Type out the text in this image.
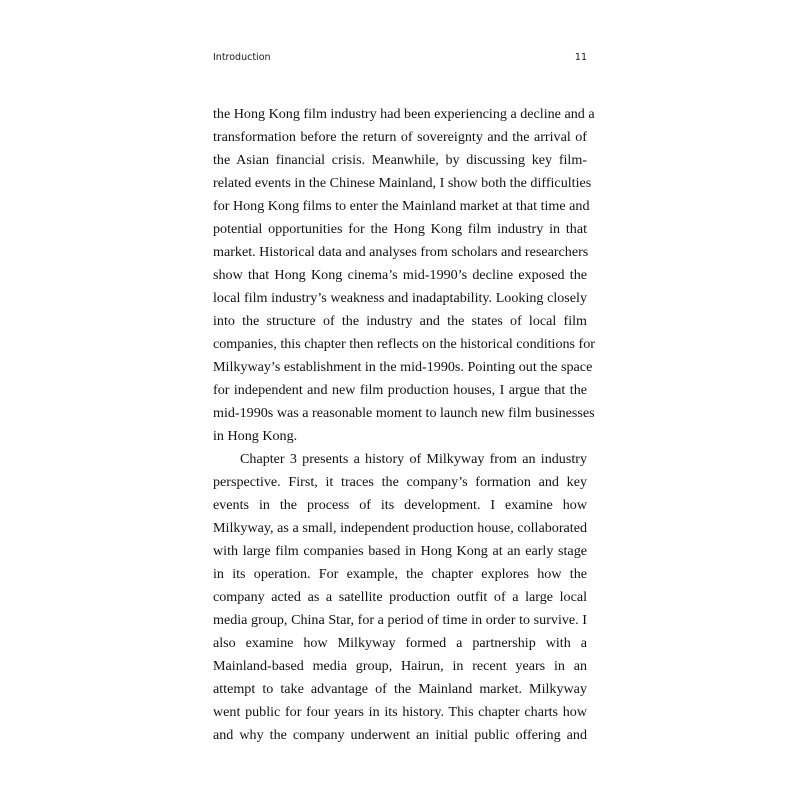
Introduction	11
the Hong Kong film industry had been experiencing a decline and a
transformation before the return of sovereignty and the arrival of
the Asian financial crisis. Meanwhile, by discussing key film-
related events in the Chinese Mainland, I show both the difficulties
for Hong Kong films to enter the Mainland market at that time and
potential opportunities for the Hong Kong film industry in that
market. Historical data and analyses from scholars and researchers
show that Hong Kong cinema’s mid-1990’s decline exposed the
local film industry’s weakness and inadaptability. Looking closely
into the structure of the industry and the states of local film
companies, this chapter then reflects on the historical conditions for
Milkyway’s establishment in the mid-1990s. Pointing out the space
for independent and new film production houses, I argue that the
mid-1990s was a reasonable moment to launch new film businesses
in Hong Kong.
Chapter 3 presents a history of Milkyway from an industry
perspective. First, it traces the company’s formation and key
events in the process of its development. I examine how
Milkyway, as a small, independent production house, collaborated
with large film companies based in Hong Kong at an early stage
in its operation. For example, the chapter explores how the
company acted as a satellite production outfit of a large local
media group, China Star, for a period of time in order to survive. I
also examine how Milkyway formed a partnership with a
Mainland-based media group, Hairun, in recent years in an
attempt to take advantage of the Mainland market. Milkyway
went public for four years in its history. This chapter charts how
and why the company underwent an initial public offering and
